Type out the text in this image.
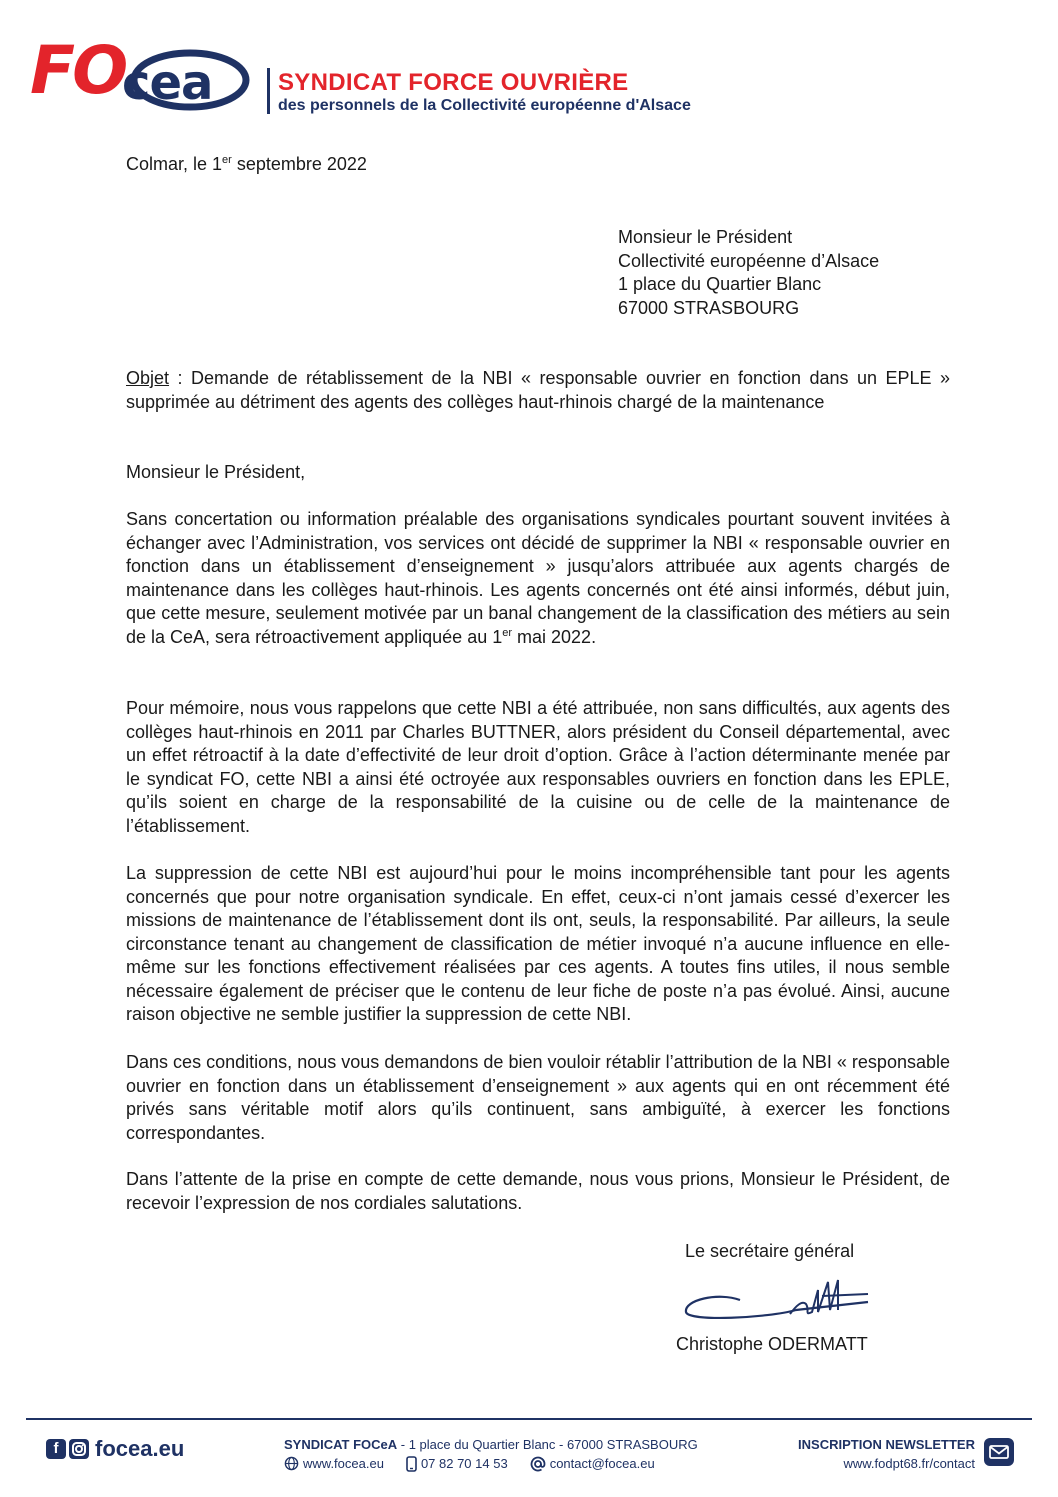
FO
cea	SYNDICAT FORCE OUVRIÈRE
des personnels de la Collectivité européenne d'Alsace
Colmar, le 1er septembre 2022
Monsieur le Président
Collectivité européenne d’Alsace
1 place du Quartier Blanc
67000 STRASBOURG
Objet : Demande de rétablissement de la NBI « responsable ouvrier en fonction dans un EPLE » supprimée au détriment des agents des collèges haut-rhinois chargé de la maintenance
Monsieur le Président,
Sans concertation ou information préalable des organisations syndicales pourtant souvent invitées à échanger avec l’Administration, vos services ont décidé de supprimer la NBI « responsable ouvrier en fonction dans un établissement d’enseignement » jusqu’alors attribuée aux agents chargés de maintenance dans les collèges haut-rhinois. Les agents concernés ont été ainsi informés, début juin, que cette mesure, seulement motivée par un banal changement de la classification des métiers au sein de la CeA, sera rétroactivement appliquée au 1er mai 2022.
Pour mémoire, nous vous rappelons que cette NBI a été attribuée, non sans difficultés, aux agents des collèges haut-rhinois en 2011 par Charles BUTTNER, alors président du Conseil départemental, avec un effet rétroactif à la date d’effectivité de leur droit d’option. Grâce à l’action déterminante menée par le syndicat FO, cette NBI a ainsi été octroyée aux responsables ouvriers en fonction dans les EPLE, qu’ils soient en charge de la responsabilité de la cuisine ou de celle de la maintenance de l’établissement.
La suppression de cette NBI est aujourd’hui pour le moins incompréhensible tant pour les agents concernés que pour notre organisation syndicale. En effet, ceux-ci n’ont jamais cessé d’exercer les missions de maintenance de l’établissement dont ils ont, seuls, la responsabilité. Par ailleurs, la seule circonstance tenant au changement de classification de métier invoqué n’a aucune influence en elle-même sur les fonctions effectivement réalisées par ces agents. A toutes fins utiles, il nous semble nécessaire également de préciser que le contenu de leur fiche de poste n’a pas évolué. Ainsi, aucune raison objective ne semble justifier la suppression de cette NBI.
Dans ces conditions, nous vous demandons de bien vouloir rétablir l’attribution de la NBI « responsable ouvrier en fonction dans un établissement d’enseignement » aux agents qui en ont récemment été privés sans véritable motif alors qu’ils continuent, sans ambiguïté, à exercer les fonctions correspondantes.
Dans l’attente de la prise en compte de cette demande, nous vous prions, Monsieur le Président, de recevoir l’expression de nos cordiales salutations.
Le secrétaire général
Christophe ODERMATT
f	focea.eu	SYNDICAT FOCeA - 1 place du Quartier Blanc - 67000 STRASBOURG
www.focea.eu	07 82 70 14 53	contact@focea.eu
INSCRIPTION NEWSLETTER
www.fodpt68.fr/contact
